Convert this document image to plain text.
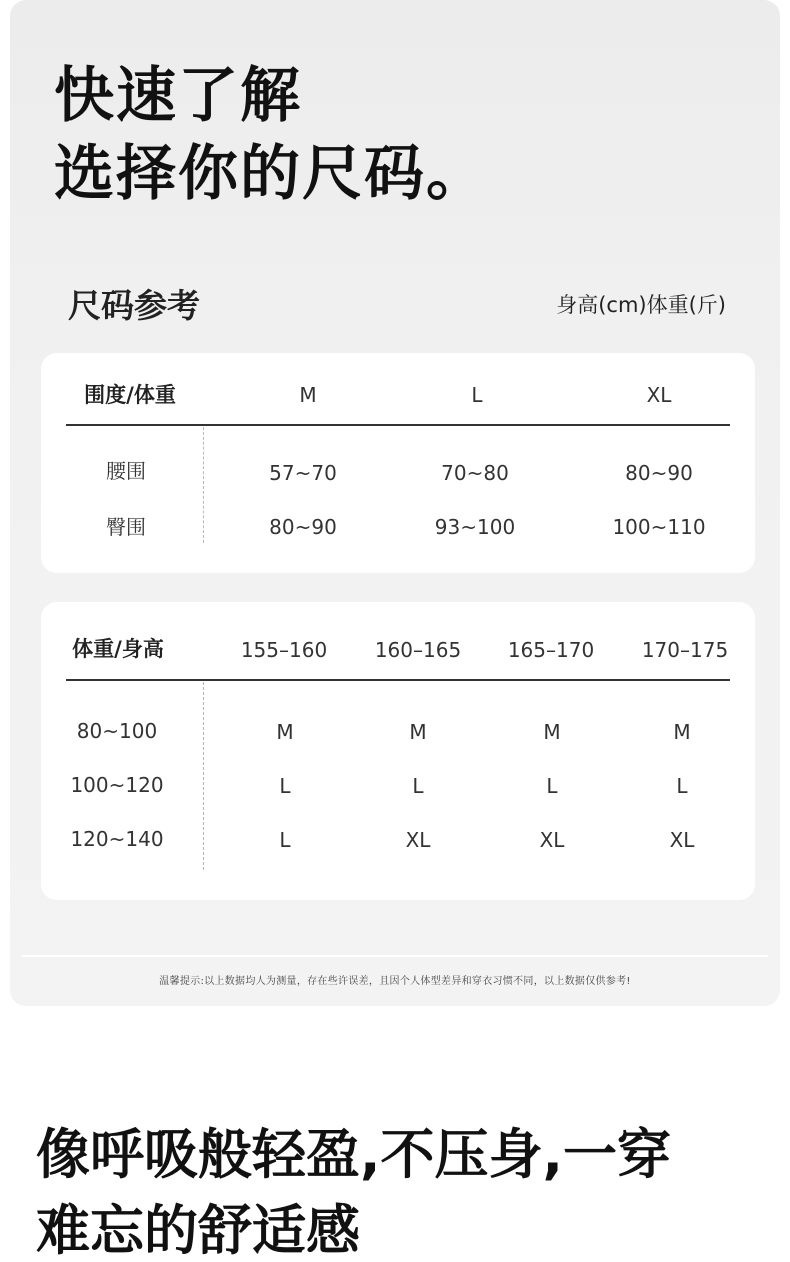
快速了解
选择你的尺码。
尺码参考	身高(cm)体重(斤)
围度/体重	M	L	XL
腰围	57~70	70~80	80~90
臀围	80~90	93~100	100~110
体重/身高	155–160 160–165 165–170 170–175
80~100	M	M	M	M
100~120	L	L	L	L
120~140	L	XL	XL	XL
温馨提示:以上数据均人为测量，存在些许误差，且因个人体型差异和穿衣习惯不同，以上数据仅供参考!
像呼吸般轻盈,不压身,一穿
难忘的舒适感
